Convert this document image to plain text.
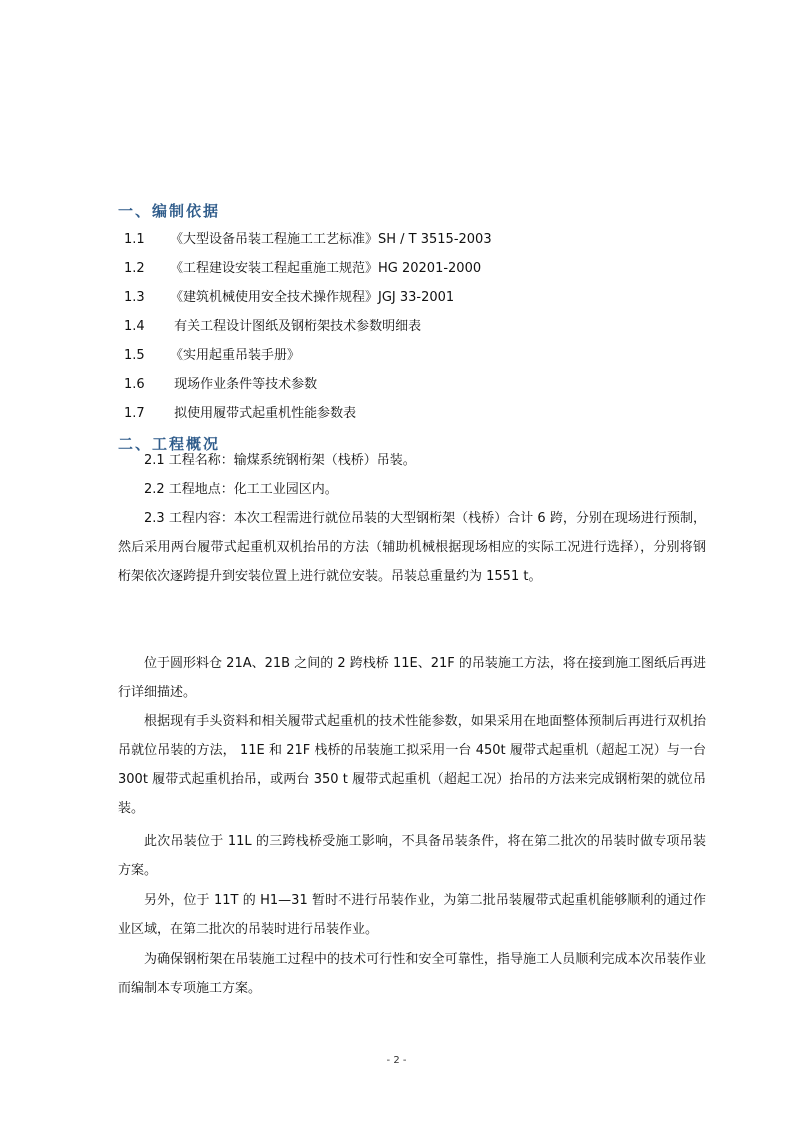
一、编制依据
1.1 《大型设备吊装工程施工工艺标准》SH / T 3515-2003
1.2 《工程建设安装工程起重施工规范》HG 20201-2000
1.3 《建筑机械使用安全技术操作规程》JGJ 33-2001
1.4 有关工程设计图纸及钢桁架技术参数明细表
1.5 《实用起重吊装手册》
1.6 现场作业条件等技术参数
1.7 拟使用履带式起重机性能参数表
二、工程概况

2.1 工程名称：输煤系统钢桁架（栈桥）吊装。

2.2 工程地点：化工工业园区内。

2.3 工程内容：本次工程需进行就位吊装的大型钢桁架（栈桥）合计 6 跨，分别在现场进行预制，然后采用两台履带式起重机双机抬吊的方法（辅助机械根据现场相应的实际工况进行选择），分别将钢桁架依次逐跨提升到安装位置上进行就位安装。吊装总重量约为 1551 t。

位于圆形料仓 21A、21B 之间的 2 跨栈桥 11E、21F 的吊装施工方法，将在接到施工图纸后再进行详细描述。

根据现有手头资料和相关履带式起重机的技术性能参数，如果采用在地面整体预制后再进行双机抬吊就位吊装的方法， 11E 和 21F 栈桥的吊装施工拟采用一台 450t 履带式起重机（超起工况）与一台 300t 履带式起重机抬吊，或两台 350 t 履带式起重机（超起工况）抬吊的方法来完成钢桁架的就位吊装。

此次吊装位于 11L 的三跨栈桥受施工影响，不具备吊装条件，将在第二批次的吊装时做专项吊装方案。

另外，位于 11T 的 H1—31 暂时不进行吊装作业，为第二批吊装履带式起重机能够顺利的通过作业区域，在第二批次的吊装时进行吊装作业。

为确保钢桁架在吊装施工过程中的技术可行性和安全可靠性，指导施工人员顺利完成本次吊装作业而编制本专项施工方案。

- 2 -
